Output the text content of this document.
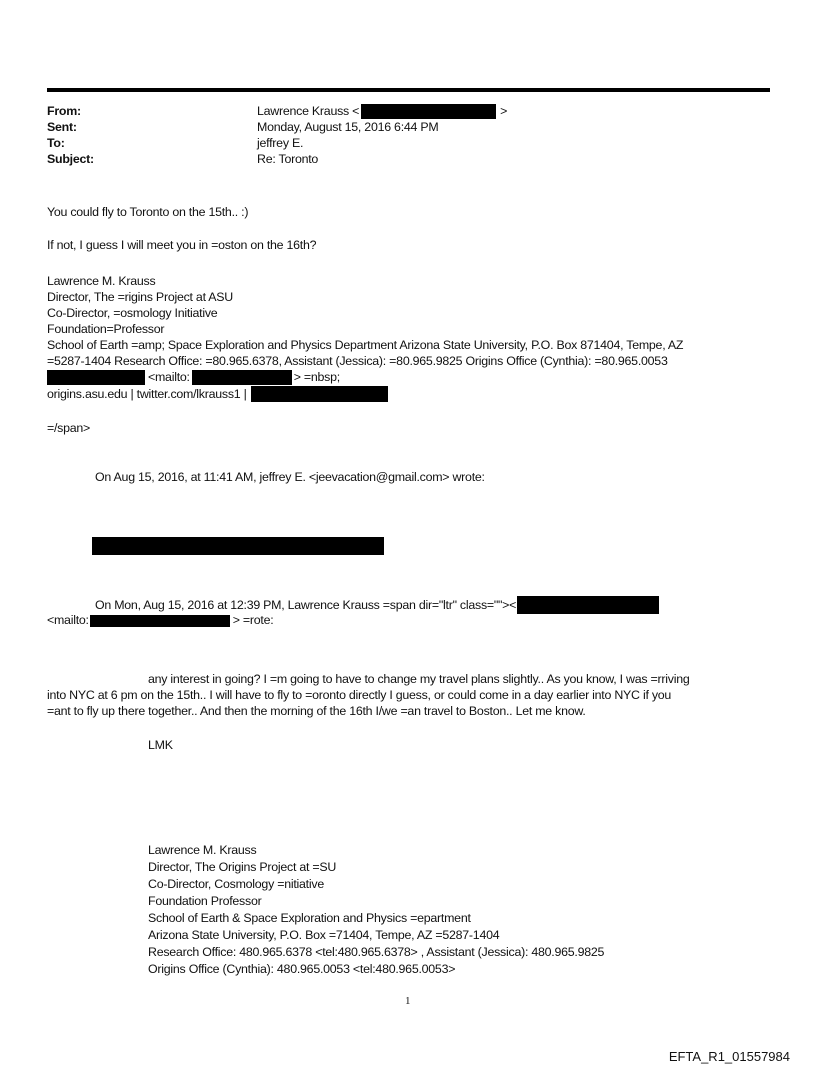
From:	Lawrence Krauss <	>
Sent:	Monday, August 15, 2016 6:44 PM
To:	jeffrey E.
Subject:	Re: Toronto
You could fly to Toronto on the 15th.. :)
If not, I guess I will meet you in =oston on the 16th?
Lawrence M. Krauss
Director, The =rigins Project at ASU
Co-Director, =osmology Initiative
Foundation=Professor
School of Earth =amp; Space Exploration and Physics Department Arizona State University, P.O. Box 871404, Tempe, AZ
=5287-1404 Research Office: =80.965.6378, Assistant (Jessica): =80.965.9825 Origins Office (Cynthia): =80.965.0053
<mailto:	> =nbsp;
origins.asu.edu | twitter.com/lkrauss1 |
=/span>
On Aug 15, 2016, at 11:41 AM, jeffrey E. <jeevacation@gmail.com> wrote:
On Mon, Aug 15, 2016 at 12:39 PM, Lawrence Krauss =span dir="ltr" class=""><
<mailto:	> =rote:
any interest in going? I =m going to have to change my travel plans slightly.. As you know, I was =rriving
into NYC at 6 pm on the 15th.. I will have to fly to =oronto directly I guess, or could come in a day earlier into NYC if you
=ant to fly up there together.. And then the morning of the 16th I/we =an travel to Boston.. Let me know.
LMK
Lawrence M. Krauss
Director, The Origins Project at =SU
Co-Director, Cosmology =nitiative
Foundation Professor
School of Earth & Space Exploration and Physics =epartment
Arizona State University, P.O. Box =71404, Tempe, AZ =5287-1404
Research Office: 480.965.6378 <tel:480.965.6378> , Assistant (Jessica): 480.965.9825
Origins Office (Cynthia): 480.965.0053 <tel:480.965.0053>
1
EFTA_R1_01557984
